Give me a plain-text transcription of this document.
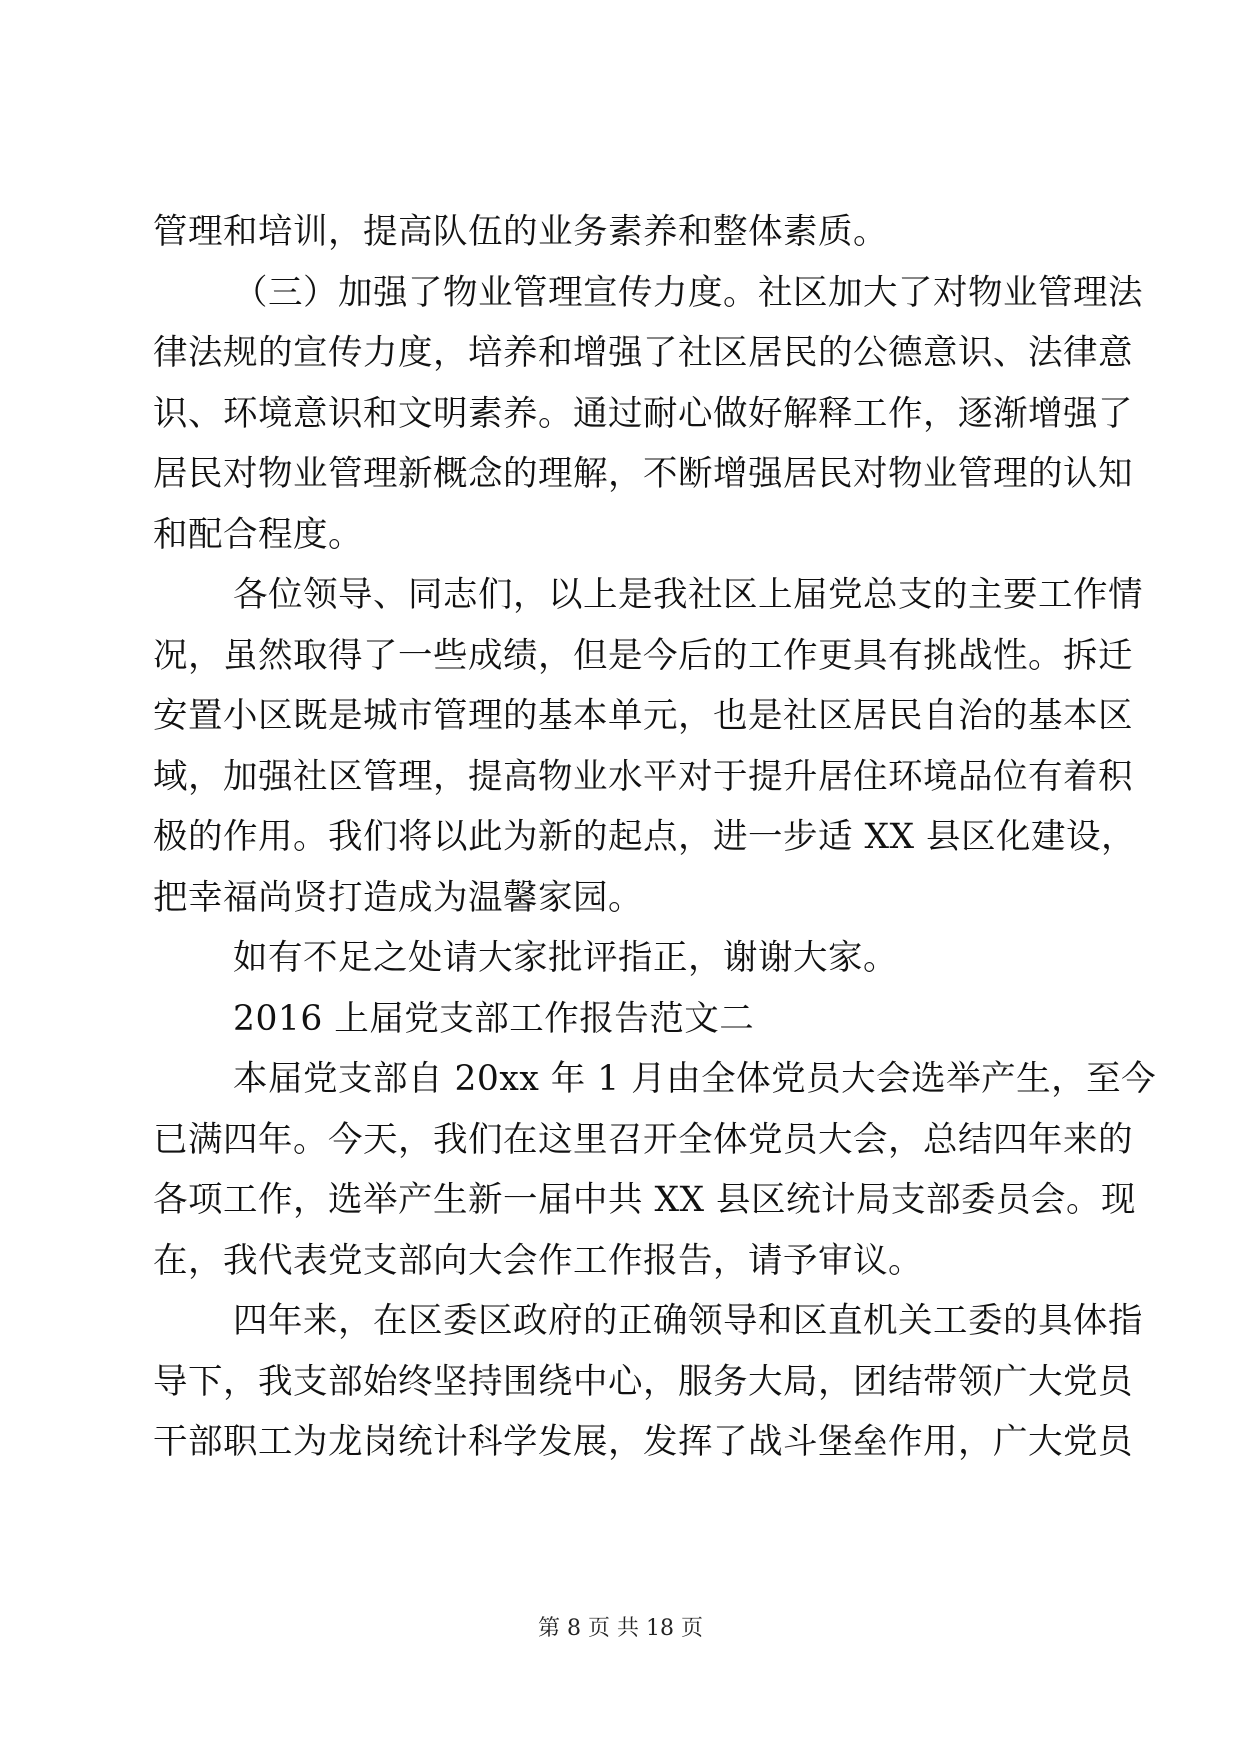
管理和培训，提高队伍的业务素养和整体素质。
（三）加强了物业管理宣传力度。社区加大了对物业管理法
律法规的宣传力度，培养和增强了社区居民的公德意识、法律意
识、环境意识和文明素养。通过耐心做好解释工作，逐渐增强了
居民对物业管理新概念的理解，不断增强居民对物业管理的认知
和配合程度。
各位领导、同志们，以上是我社区上届党总支的主要工作情
况，虽然取得了一些成绩，但是今后的工作更具有挑战性。拆迁
安置小区既是城市管理的基本单元，也是社区居民自治的基本区
域，加强社区管理，提高物业水平对于提升居住环境品位有着积
极的作用。我们将以此为新的起点，进一步适 XX 县区化建设，
把幸福尚贤打造成为温馨家园。
如有不足之处请大家批评指正，谢谢大家。
2016 上届党支部工作报告范文二
本届党支部自 20xx 年 1 月由全体党员大会选举产生，至今
已满四年。今天，我们在这里召开全体党员大会，总结四年来的
各项工作，选举产生新一届中共 XX 县区统计局支部委员会。现
在，我代表党支部向大会作工作报告，请予审议。
四年来，在区委区政府的正确领导和区直机关工委的具体指
导下，我支部始终坚持围绕中心，服务大局，团结带领广大党员
干部职工为龙岗统计科学发展，发挥了战斗堡垒作用，广大党员
第 8 页 共 18 页
